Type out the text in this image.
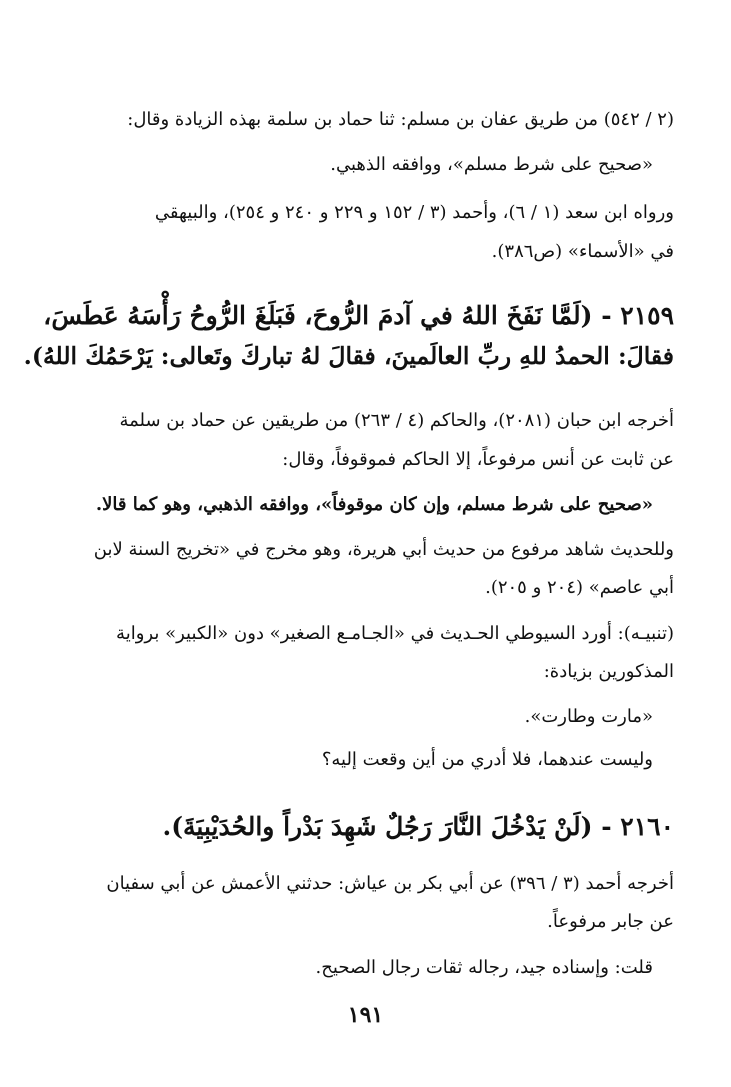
(٢ / ٥٤٢) من طريق عفان بن مسلم: ثنا حماد بن سلمة بهذه الزيادة وقال:
«صحيح على شرط مسلم»، ووافقه الذهبي.
ورواه ابن سعد (١ / ٦)، وأحمد (٣ / ١٥٢ و ٢٢٩ و ٢٤٠ و ٢٥٤)، والبيهقي
في «الأسماء» (ص٣٨٦).
٢١٥٩ - (لَمَّا نَفَخَ اللهُ في آدمَ الرُّوحَ، فَبَلَغَ الرُّوحُ رَأْسَهُ عَطَسَ،
فقالَ: الحمدُ للهِ ربِّ العالَمينَ، فقالَ لهُ تباركَ وتَعالى: يَرْحَمُكَ اللهُ).
أخرجه ابن حبان (٢٠٨١)، والحاكم (٤ / ٢٦٣) من طريقين عن حماد بن سلمة
عن ثابت عن أنس مرفوعاً، إلا الحاكم فموقوفاً، وقال:
«صحيح على شرط مسلم، وإن كان موقوفاً»، ووافقه الذهبي، وهو كما قالا.
وللحديث شاهد مرفوع من حديث أبي هريرة، وهو مخرج في «تخريج السنة لابن
أبي عاصم» (٢٠٤ و ٢٠٥).
(تنبيـه): أورد السيوطي الحـديث في «الجـامـع الصغير» دون «الكبير» برواية
المذكورين بزيادة:
«مارت وطارت».
وليست عندهما، فلا أدري من أين وقعت إليه؟
٢١٦٠ - (لَنْ يَدْخُلَ النَّارَ رَجُلٌ شَهِدَ بَدْراً والحُدَيْبِيَةَ).
أخرجه أحمد (٣ / ٣٩٦) عن أبي بكر بن عياش: حدثني الأعمش عن أبي سفيان
عن جابر مرفوعاً.
قلت: وإسناده جيد، رجاله ثقات رجال الصحيح.
١٩١
